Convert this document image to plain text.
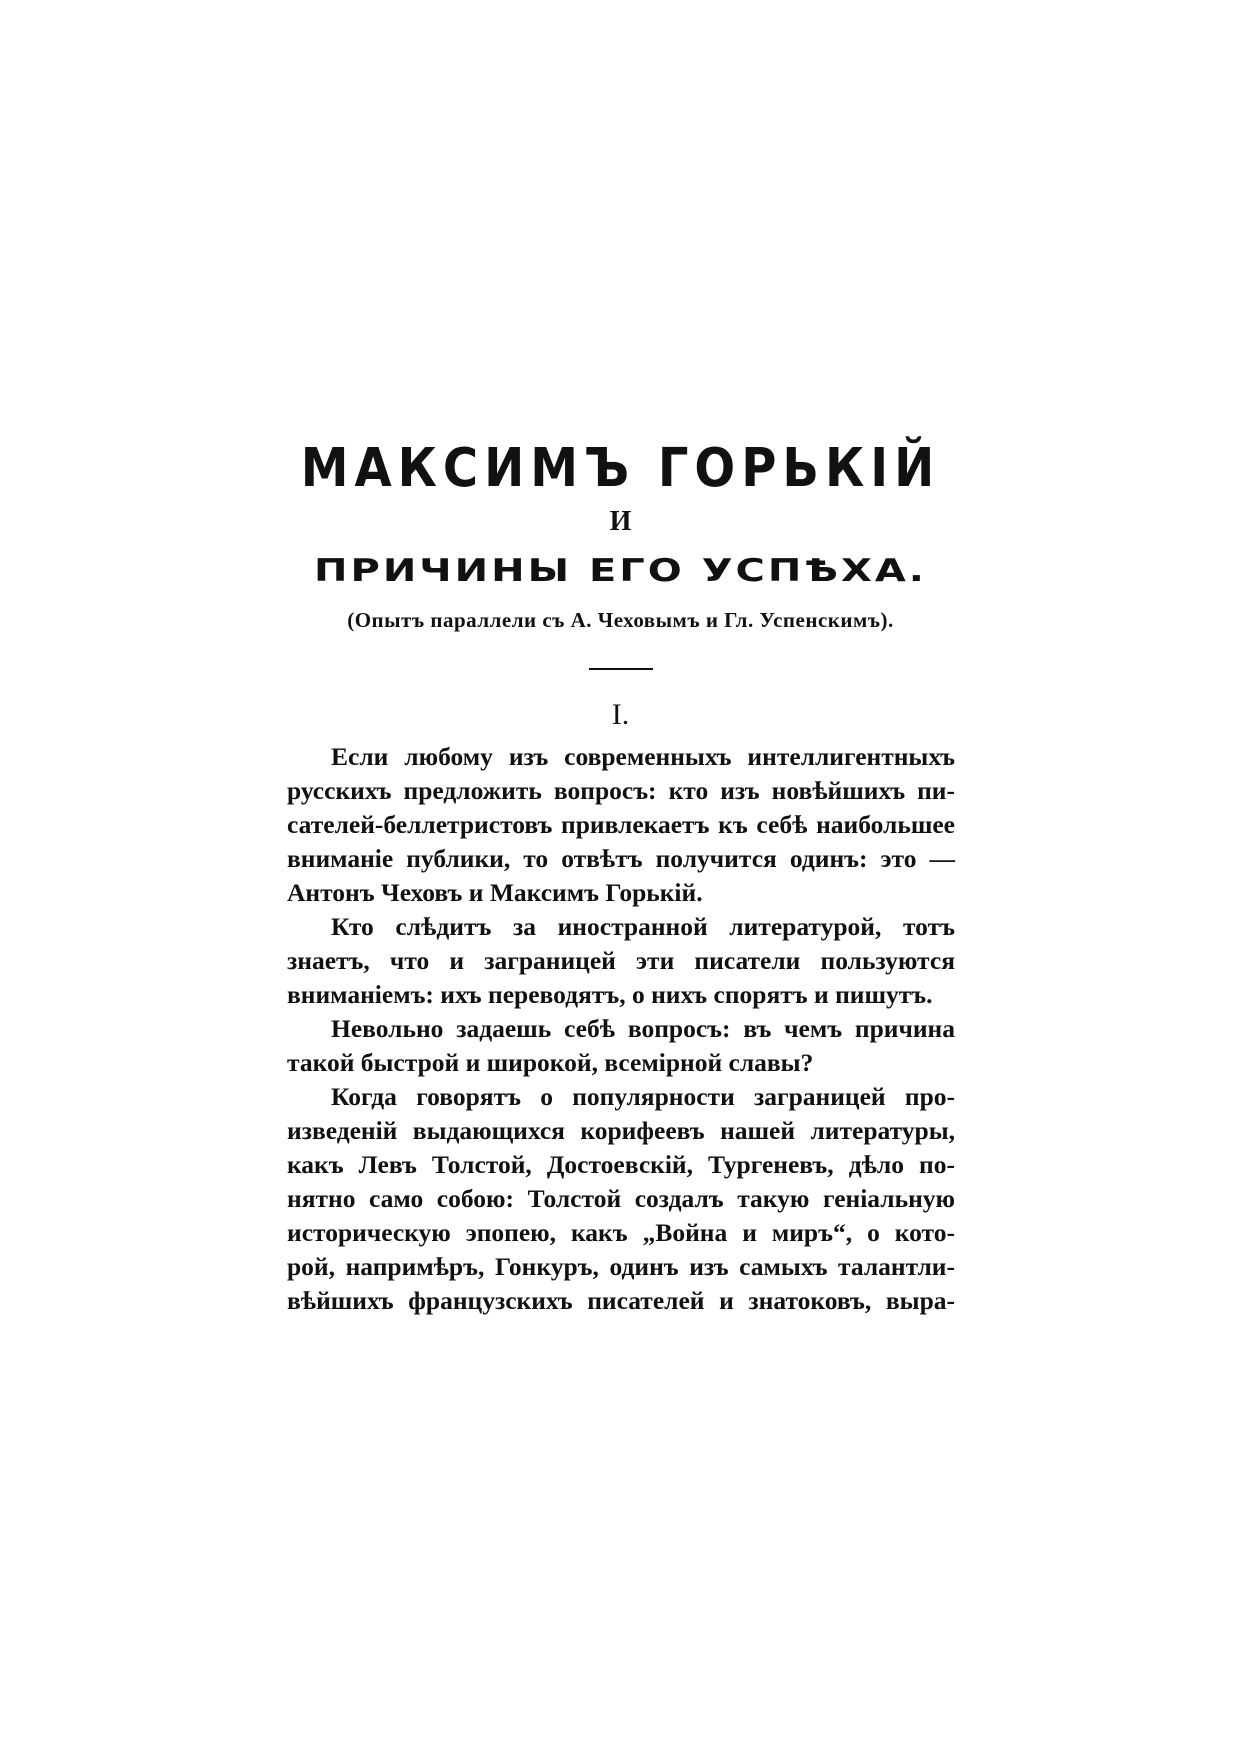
МАКСИМЪ ГОРЬКІЙ
И
ПРИЧИНЫ ЕГО УСПѢХА.
(Опытъ параллели съ А. Чеховымъ и Гл. Успенскимъ).
I.
Если любому изъ современныхъ интеллигентныхъ
русскихъ предложить вопросъ: кто изъ новѣйшихъ пи-
сателей-беллетристовъ привлекаетъ къ себѣ наибольшее
вниманіе публики, то отвѣтъ получится одинъ: это —
Антонъ Чеховъ и Максимъ Горькій.
Кто слѣдитъ за иностранной литературой, тотъ
знаетъ, что и заграницей эти писатели пользуются
вниманіемъ: ихъ переводятъ, о нихъ спорятъ и пишутъ.
Невольно задаешь себѣ вопросъ: въ чемъ причина
такой быстрой и широкой, всемірной славы?
Когда говорятъ о популярности заграницей про-
изведеній выдающихся корифеевъ нашей литературы,
какъ Левъ Толстой, Достоевскій, Тургеневъ, дѣло по-
нятно само собою: Толстой создалъ такую геніальную
историческую эпопею, какъ „Война и миръ“, о кото-
рой, напримѣръ, Гонкуръ, одинъ изъ самыхъ талантли-
вѣйшихъ французскихъ писателей и знатоковъ, выра-
